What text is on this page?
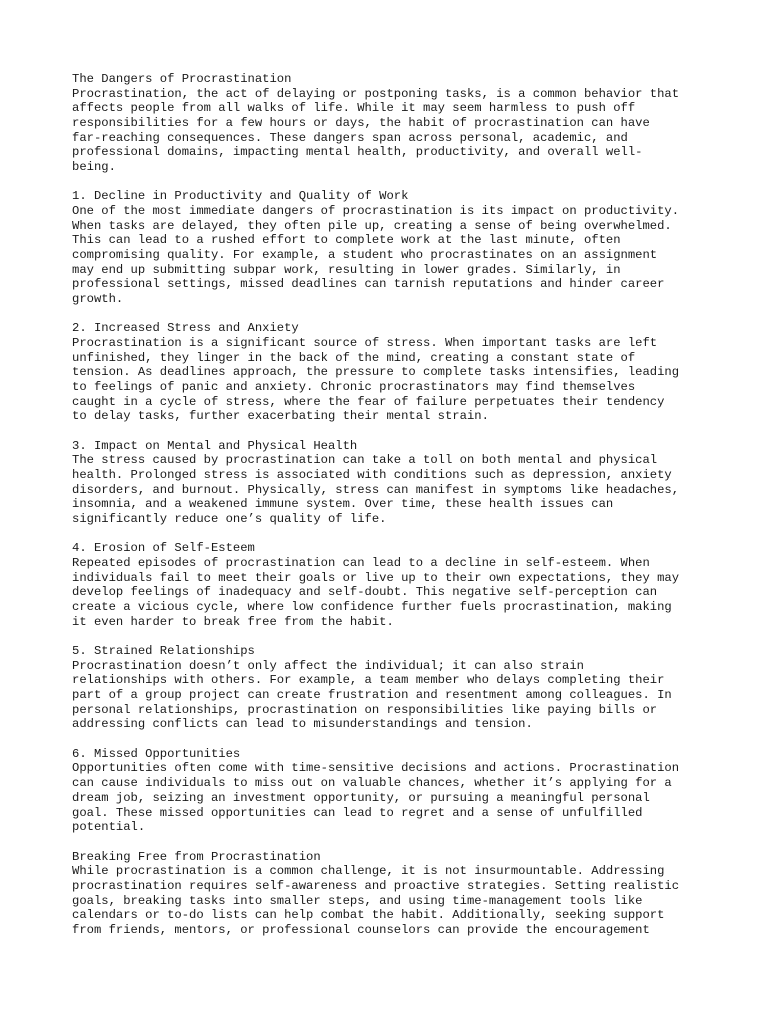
The Dangers of Procrastination
Procrastination, the act of delaying or postponing tasks, is a common behavior that
affects people from all walks of life. While it may seem harmless to push off
responsibilities for a few hours or days, the habit of procrastination can have
far-reaching consequences. These dangers span across personal, academic, and
professional domains, impacting mental health, productivity, and overall well-
being.
1. Decline in Productivity and Quality of Work
One of the most immediate dangers of procrastination is its impact on productivity.
When tasks are delayed, they often pile up, creating a sense of being overwhelmed.
This can lead to a rushed effort to complete work at the last minute, often
compromising quality. For example, a student who procrastinates on an assignment
may end up submitting subpar work, resulting in lower grades. Similarly, in
professional settings, missed deadlines can tarnish reputations and hinder career
growth.
2. Increased Stress and Anxiety
Procrastination is a significant source of stress. When important tasks are left
unfinished, they linger in the back of the mind, creating a constant state of
tension. As deadlines approach, the pressure to complete tasks intensifies, leading
to feelings of panic and anxiety. Chronic procrastinators may find themselves
caught in a cycle of stress, where the fear of failure perpetuates their tendency
to delay tasks, further exacerbating their mental strain.
3. Impact on Mental and Physical Health
The stress caused by procrastination can take a toll on both mental and physical
health. Prolonged stress is associated with conditions such as depression, anxiety
disorders, and burnout. Physically, stress can manifest in symptoms like headaches,
insomnia, and a weakened immune system. Over time, these health issues can
significantly reduce one’s quality of life.
4. Erosion of Self-Esteem
Repeated episodes of procrastination can lead to a decline in self-esteem. When
individuals fail to meet their goals or live up to their own expectations, they may
develop feelings of inadequacy and self-doubt. This negative self-perception can
create a vicious cycle, where low confidence further fuels procrastination, making
it even harder to break free from the habit.
5. Strained Relationships
Procrastination doesn’t only affect the individual; it can also strain
relationships with others. For example, a team member who delays completing their
part of a group project can create frustration and resentment among colleagues. In
personal relationships, procrastination on responsibilities like paying bills or
addressing conflicts can lead to misunderstandings and tension.
6. Missed Opportunities
Opportunities often come with time-sensitive decisions and actions. Procrastination
can cause individuals to miss out on valuable chances, whether it’s applying for a
dream job, seizing an investment opportunity, or pursuing a meaningful personal
goal. These missed opportunities can lead to regret and a sense of unfulfilled
potential.
Breaking Free from Procrastination
While procrastination is a common challenge, it is not insurmountable. Addressing
procrastination requires self-awareness and proactive strategies. Setting realistic
goals, breaking tasks into smaller steps, and using time-management tools like
calendars or to-do lists can help combat the habit. Additionally, seeking support
from friends, mentors, or professional counselors can provide the encouragement
